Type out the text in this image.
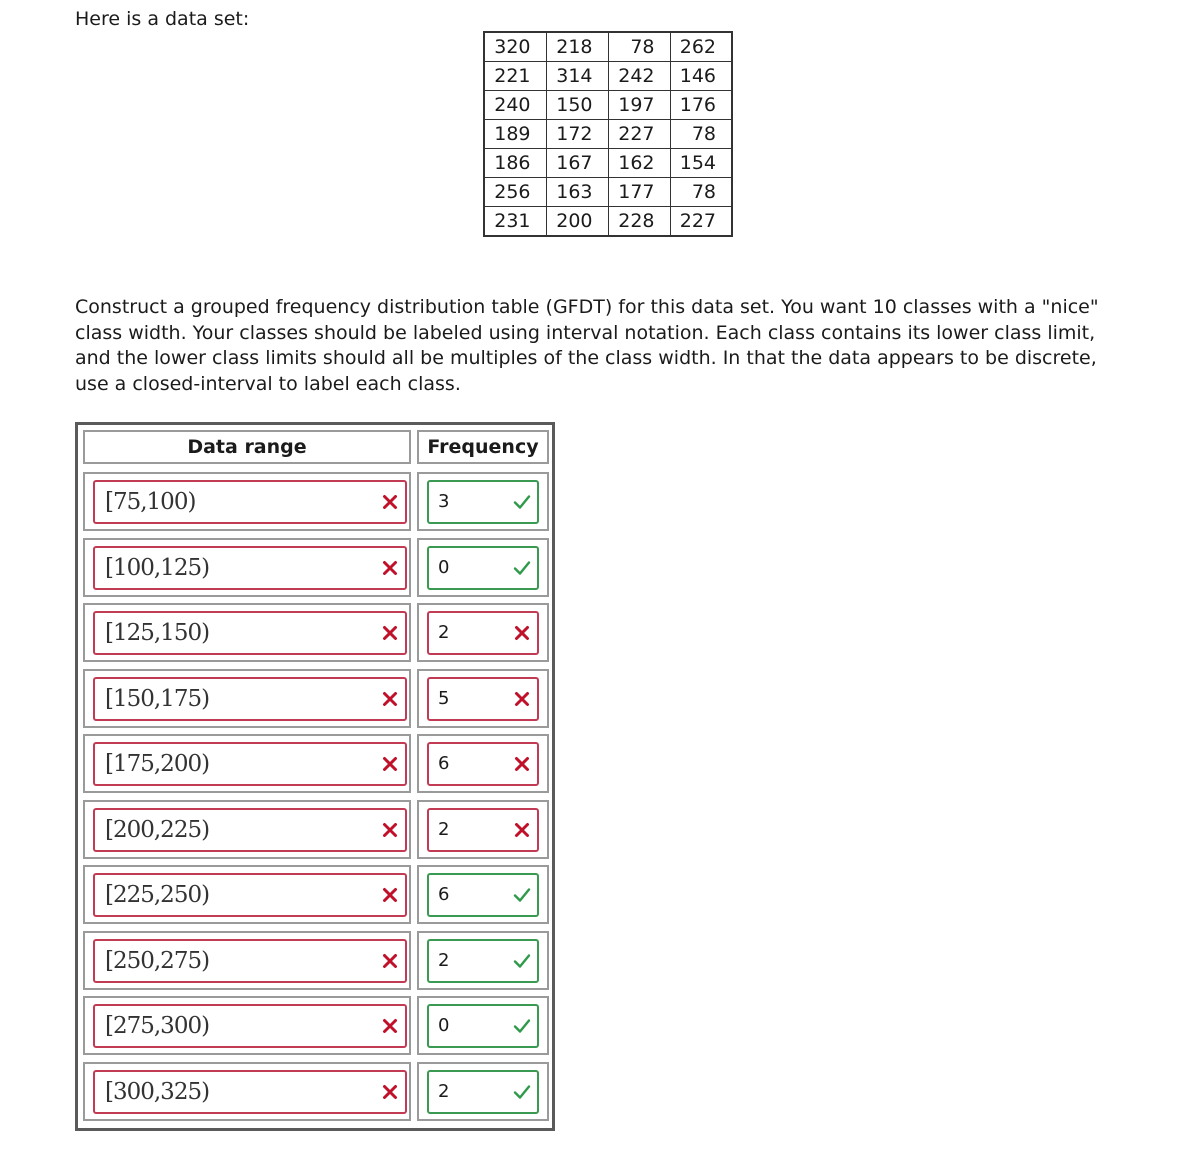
Here is a data set:

320	218	78	262
221	314	242	146
240	150	197	176
189	172	227	78
186	167	162	154
256	163	177	78
231	200	228	227

Construct a grouped frequency distribution table (GFDT) for this data set. You want 10 classes with a "nice" class width. Your classes should be labeled using interval notation. Each class contains its lower class limit, and the lower class limits should all be multiples of the class width. In that the data appears to be discrete, use a closed-interval to label each class.

Data range	Frequency
[75,100)	3
[100,125)	0
[125,150)	2
[150,175)	5
[175,200)	6
[200,225)	2
[225,250)	6
[250,275)	2
[275,300)	0
[300,325)	2
